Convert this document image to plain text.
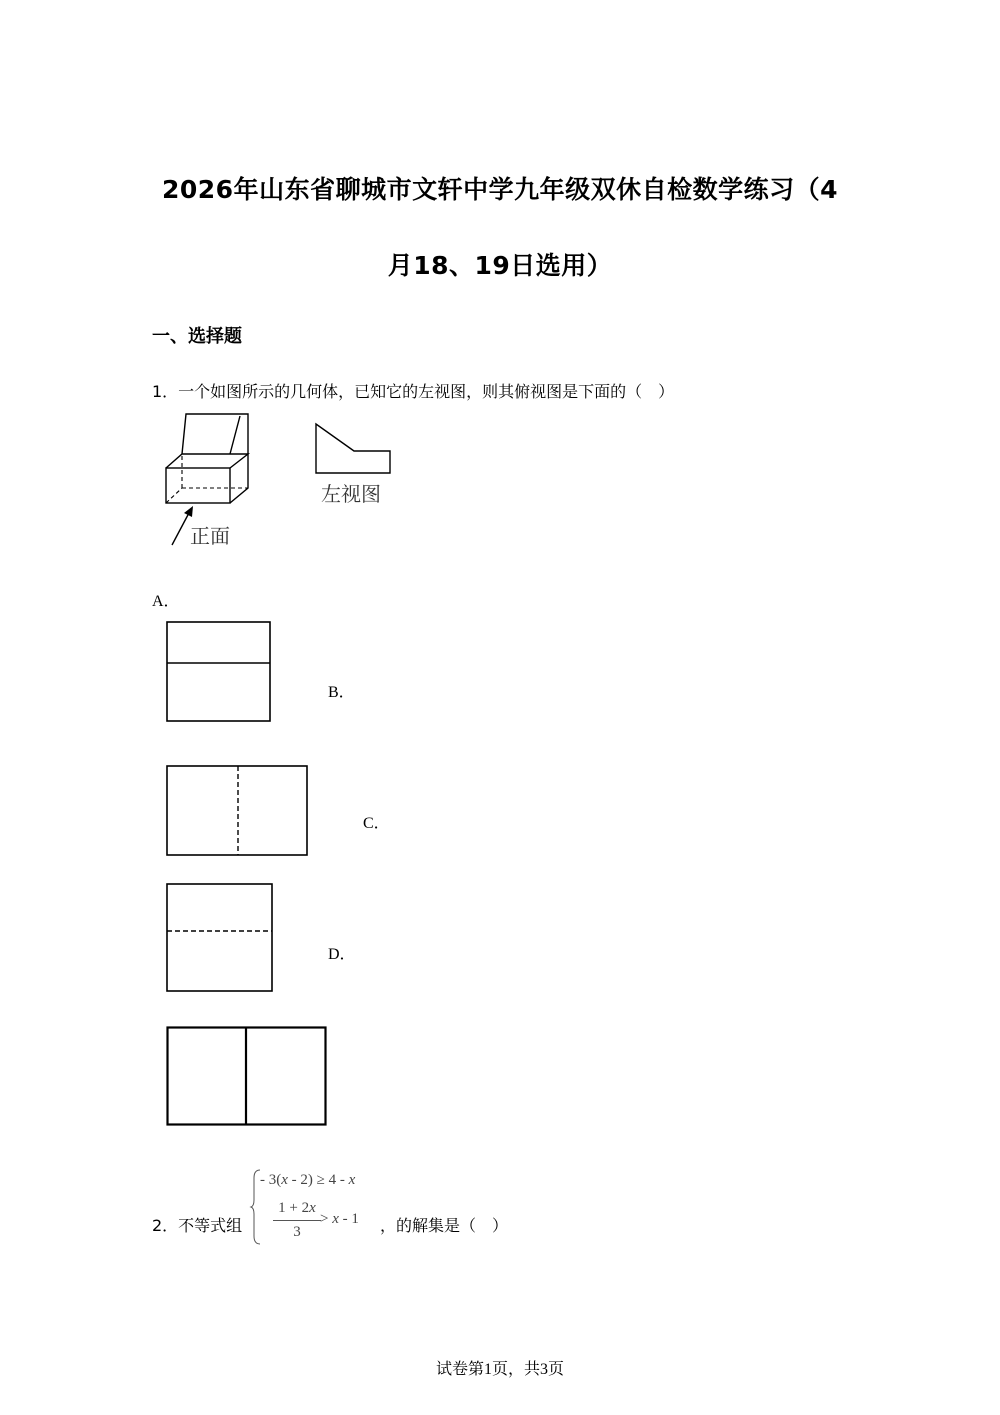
2026年山东省聊城市文轩中学九年级双休自检数学练习（4
月18、19日选用）
一、选择题
1．一个如图所示的几何体，已知它的左视图，则其俯视图是下面的（　）
正面
左视图
A．
B．
C．
D．
2．不等式组
- 3(x - 2) ≥ 4 - x
1 + 2x
3
> x - 1 ，的解集是（　）
试卷第1页，共3页
